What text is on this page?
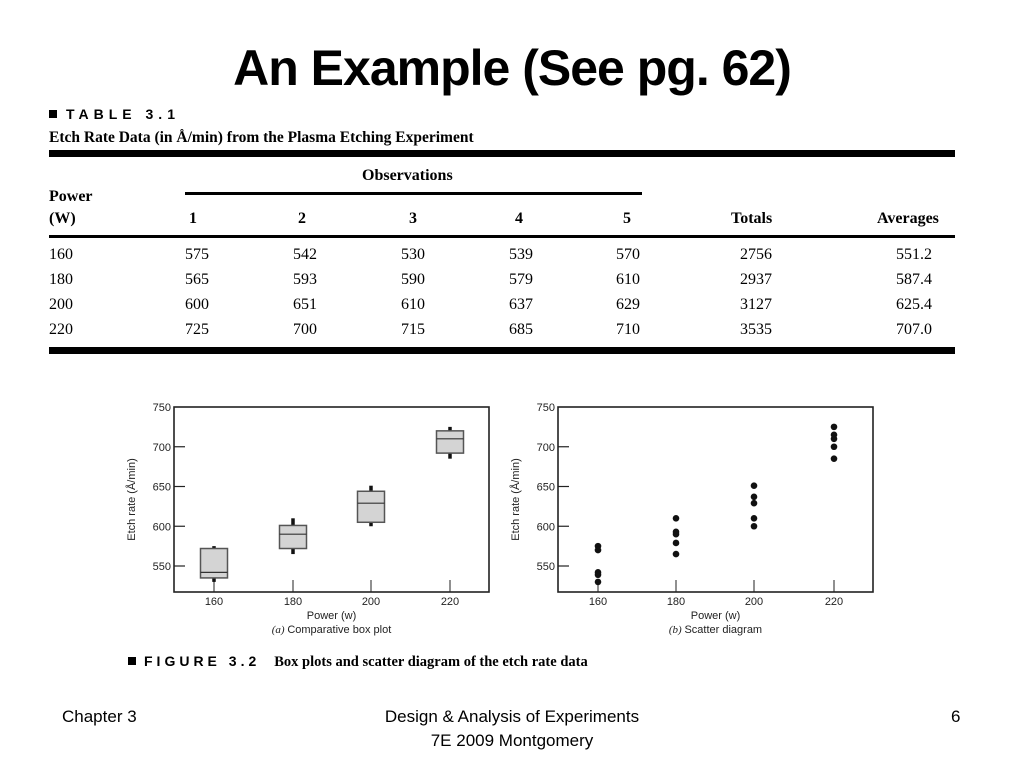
An Example (See pg. 62)
TABLE 3.1
Etch Rate Data (in Å/min) from the Plasma Etching Experiment
Observations
Power
(W)	1	2	3	4	5	Totals	Averages
160	575	542	530	539	570	2756	551.2
180	565	593	590	579	610	2937	587.4
200	600	651	610	637	629	3127	625.4
220	725	700	715	685	710	3535	707.0
550
600
650
700
750
160	180	200	220
Power (w)
(a) Comparative box plot
Etch rate (Å/min)
550
600
650
700
750
160	180	200	220
Power (w)
(b) Scatter diagram
Etch rate (Å/min)
FIGURE 3.2 Box plots and scatter diagram of the etch rate data
Chapter 3	Design & Analysis of Experiments
7E 2009 Montgomery
6
